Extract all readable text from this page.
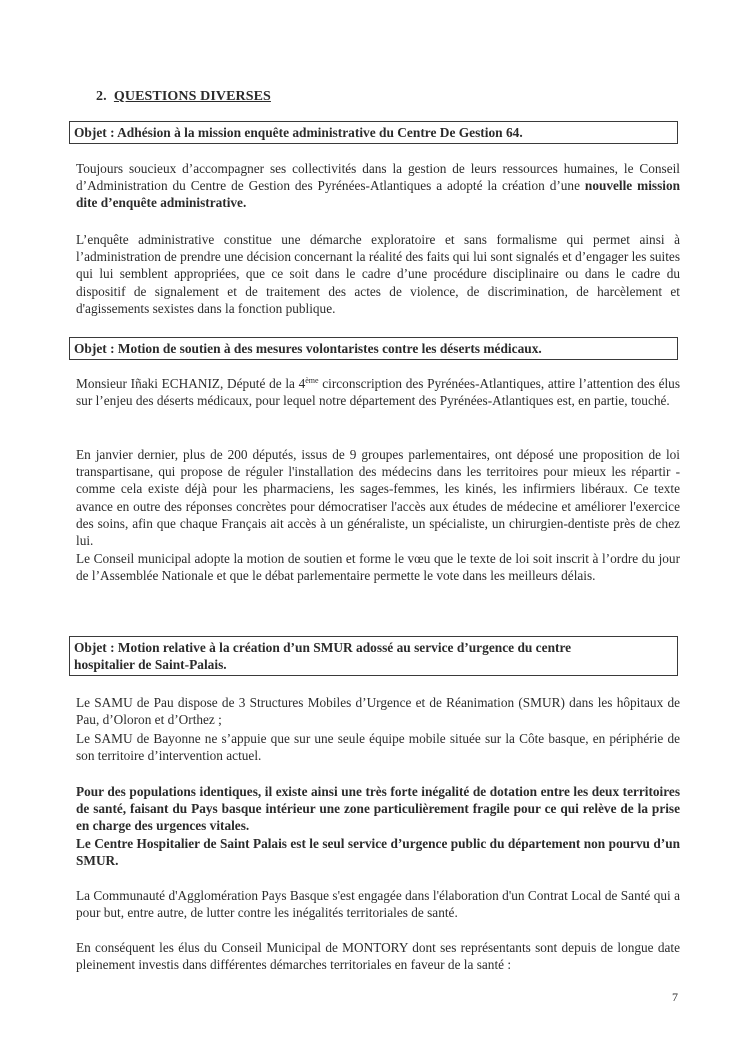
2. QUESTIONS DIVERSES
Objet : Adhésion à la mission enquête administrative du Centre De Gestion 64.

Toujours soucieux d’accompagner ses collectivités dans la gestion de leurs ressources humaines, le Conseil d’Administration du Centre de Gestion des Pyrénées-Atlantiques a adopté la création d’une nouvelle mission dite d’enquête administrative.

L’enquête administrative constitue une démarche exploratoire et sans formalisme qui permet ainsi à l’administration de prendre une décision concernant la réalité des faits qui lui sont signalés et d’engager les suites qui lui semblent appropriées, que ce soit dans le cadre d’une procédure disciplinaire ou dans le cadre du dispositif de signalement et de traitement des actes de violence, de discrimination, de harcèlement et d'agissements sexistes dans la fonction publique.

Objet : Motion de soutien à des mesures volontaristes contre les déserts médicaux.

Monsieur Iñaki ECHANIZ, Député de la 4ème circonscription des Pyrénées-Atlantiques, attire l’attention des élus sur l’enjeu des déserts médicaux, pour lequel notre département des Pyrénées-Atlantiques est, en partie, touché.

En janvier dernier, plus de 200 députés, issus de 9 groupes parlementaires, ont déposé une proposition de loi transpartisane, qui propose de réguler l'installation des médecins dans les territoires pour mieux les répartir - comme cela existe déjà pour les pharmaciens, les sages-femmes, les kinés, les infirmiers libéraux. Ce texte avance en outre des réponses concrètes pour démocratiser l'accès aux études de médecine et améliorer l'exercice des soins, afin que chaque Français ait accès à un généraliste, un spécialiste, un chirurgien-dentiste près de chez lui.

Le Conseil municipal adopte la motion de soutien et forme le vœu que le texte de loi soit inscrit à l’ordre du jour de l’Assemblée Nationale et que le débat parlementaire permette le vote dans les meilleurs délais.

Objet : Motion relative à la création d’un SMUR adossé au service d’urgence du centre
hospitalier de Saint-Palais.

Le SAMU de Pau dispose de 3 Structures Mobiles d’Urgence et de Réanimation (SMUR) dans les hôpitaux de Pau, d’Oloron et d’Orthez ;

Le SAMU de Bayonne ne s’appuie que sur une seule équipe mobile située sur la Côte basque, en périphérie de son territoire d’intervention actuel.

Pour des populations identiques, il existe ainsi une très forte inégalité de dotation entre les deux territoires de santé, faisant du Pays basque intérieur une zone particulièrement fragile pour ce qui relève de la prise en charge des urgences vitales.

Le Centre Hospitalier de Saint Palais est le seul service d’urgence public du département non pourvu d’un SMUR.

La Communauté d'Agglomération Pays Basque s'est engagée dans l'élaboration d'un Contrat Local de Santé qui a pour but, entre autre, de lutter contre les inégalités territoriales de santé.

En conséquent les élus du Conseil Municipal de MONTORY dont ses représentants sont depuis de longue date pleinement investis dans différentes démarches territoriales en faveur de la santé :

7
